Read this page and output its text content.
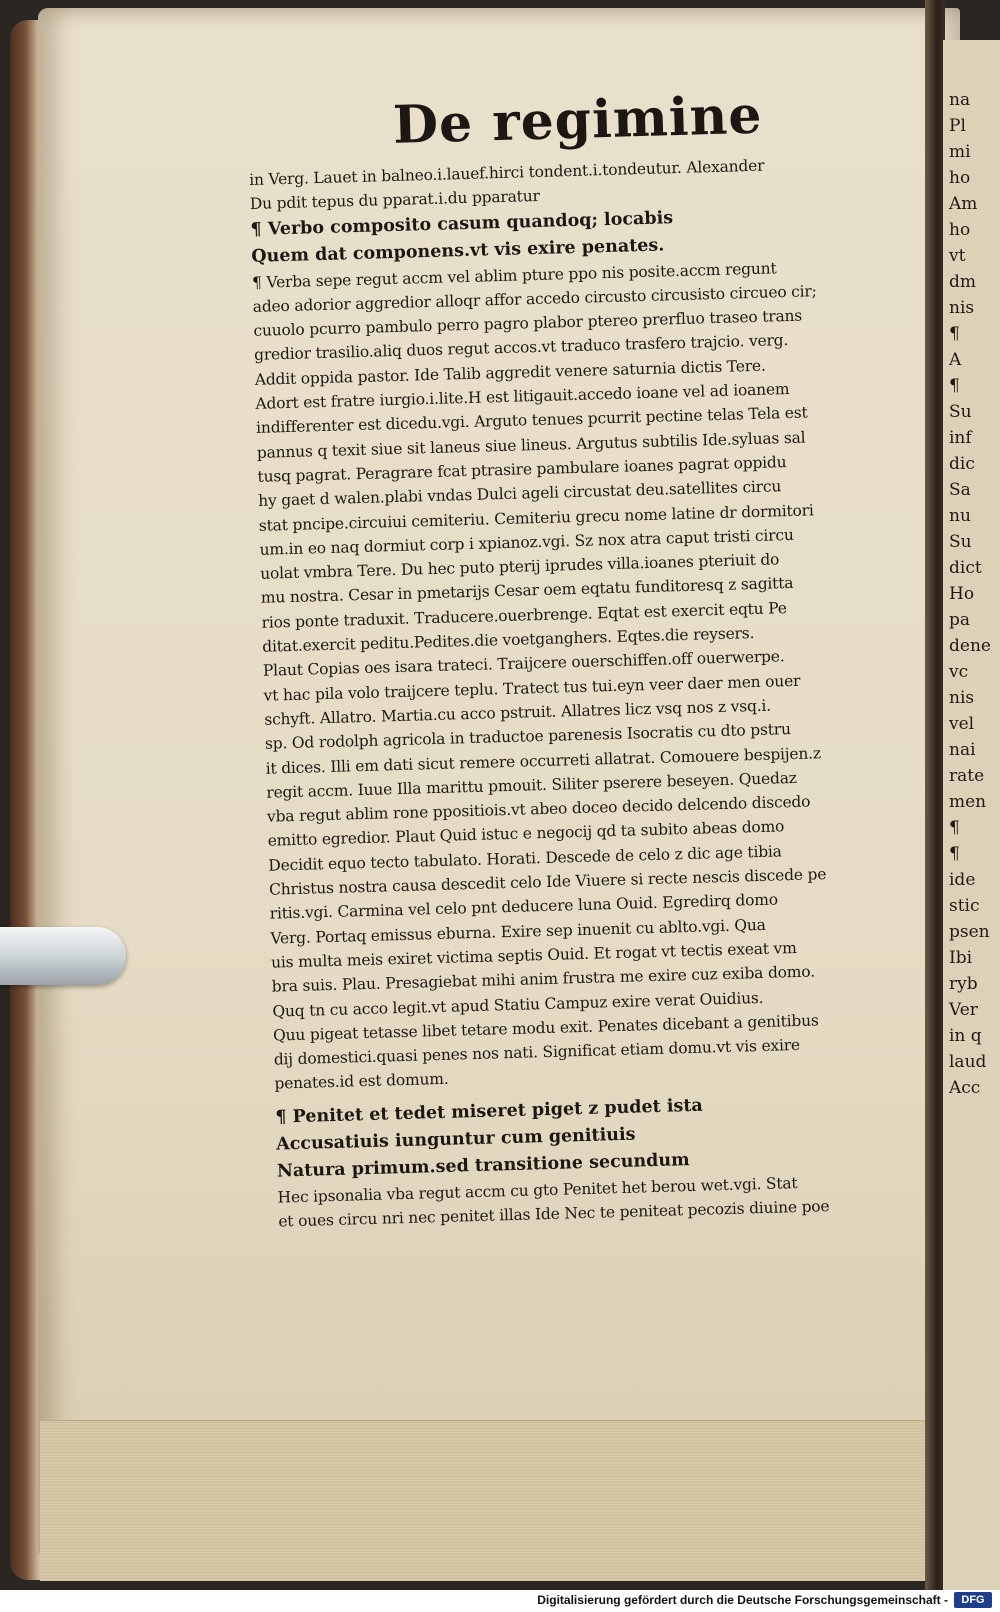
na
Pl
mi
ho
Am
ho
vt
dm
nis
¶
A
¶
Su
inf
dic
Sa
nu
Su
dict
Ho
pa
dene
vc
nis
vel
nai
rate
men
¶
¶
ide
stic
psen
Ibi
ryb
Ver
in q
laud
Acc
De regimine
in Verg. Lauet in balneo.i.lauef.hirci tondent.i.tondeutur. Alexander
Du pdit tepus du pparat.i.du pparatur
¶ Verbo composito casum quandoq; locabis
Quem dat componens.vt vis exire penates.
¶ Verba sepe regut accm vel ablim pture ppo nis posite.accm regunt
adeo adorior aggredior alloqr affor accedo circusto circusisto circueo cir;
cuuolo pcurro pambulo perro pagro plabor ptereo prerfluo traseo trans
gredior trasilio.aliq duos regut accos.vt traduco trasfero trajcio. verg.
Addit oppida pastor. Ide Talib aggredit venere saturnia dictis Tere.
Adort est fratre iurgio.i.lite.H est litigauit.accedo ioane vel ad ioanem
indifferenter est dicedu.vgi. Arguto tenues pcurrit pectine telas Tela est
pannus q texit siue sit laneus siue lineus. Argutus subtilis Ide.syluas sal
tusq pagrat. Peragrare fcat ptrasire pambulare ioanes pagrat oppidu
hy gaet d walen.plabi vndas Dulci ageli circustat deu.satellites circu
stat pncipe.circuiui cemiteriu. Cemiteriu grecu nome latine dr dormitori
um.in eo naq dormiut corp i xpianoz.vgi. Sz nox atra caput tristi circu
uolat vmbra Tere. Du hec puto pterij iprudes villa.ioanes pteriuit do
mu nostra. Cesar in pmetarijs Cesar oem eqtatu funditoresq z sagitta
rios ponte traduxit. Traducere.ouerbrenge. Eqtat est exercit eqtu Pe
ditat.exercit peditu.Pedites.die voetganghers. Eqtes.die reysers.
Plaut Copias oes isara trateci. Traijcere ouerschiffen.off ouerwerpe.
vt hac pila volo traijcere teplu. Tratect tus tui.eyn veer daer men ouer
schyft. Allatro. Martia.cu acco pstruit. Allatres licz vsq nos z vsq.i.
sp. Od rodolph agricola in traductoe parenesis Isocratis cu dto pstru
it dices. Illi em dati sicut remere occurreti allatrat. Comouere bespijen.z
regit accm. Iuue Illa marittu pmouit. Siliter pserere beseyen. Quedaz
vba regut ablim rone ppositiois.vt abeo doceo decido delcendo discedo
emitto egredior. Plaut Quid istuc e negocij qd ta subito abeas domo
Decidit equo tecto tabulato. Horati. Descede de celo z dic age tibia
Christus nostra causa descedit celo Ide Viuere si recte nescis discede pe
ritis.vgi. Carmina vel celo pnt deducere luna Ouid. Egredirq domo
Verg. Portaq emissus eburna. Exire sep inuenit cu ablto.vgi. Qua
uis multa meis exiret victima septis Ouid. Et rogat vt tectis exeat vm
bra suis. Plau. Presagiebat mihi anim frustra me exire cuz exiba domo.
Quq tn cu acco legit.vt apud Statiu Campuz exire verat Ouidius.
Quu pigeat tetasse libet tetare modu exit. Penates dicebant a genitibus
dij domestici.quasi penes nos nati. Significat etiam domu.vt vis exire
penates.id est domum.
¶ Penitet et tedet miseret piget z pudet ista
Accusatiuis iunguntur cum genitiuis
Natura primum.sed transitione secundum
Hec ipsonalia vba regut accm cu gto Penitet het berou wet.vgi. Stat
et oues circu nri nec penitet illas Ide Nec te peniteat pecozis diuine poe
Digitalisierung gefördert durch die Deutsche Forschungsgemeinschaft -	DFG
